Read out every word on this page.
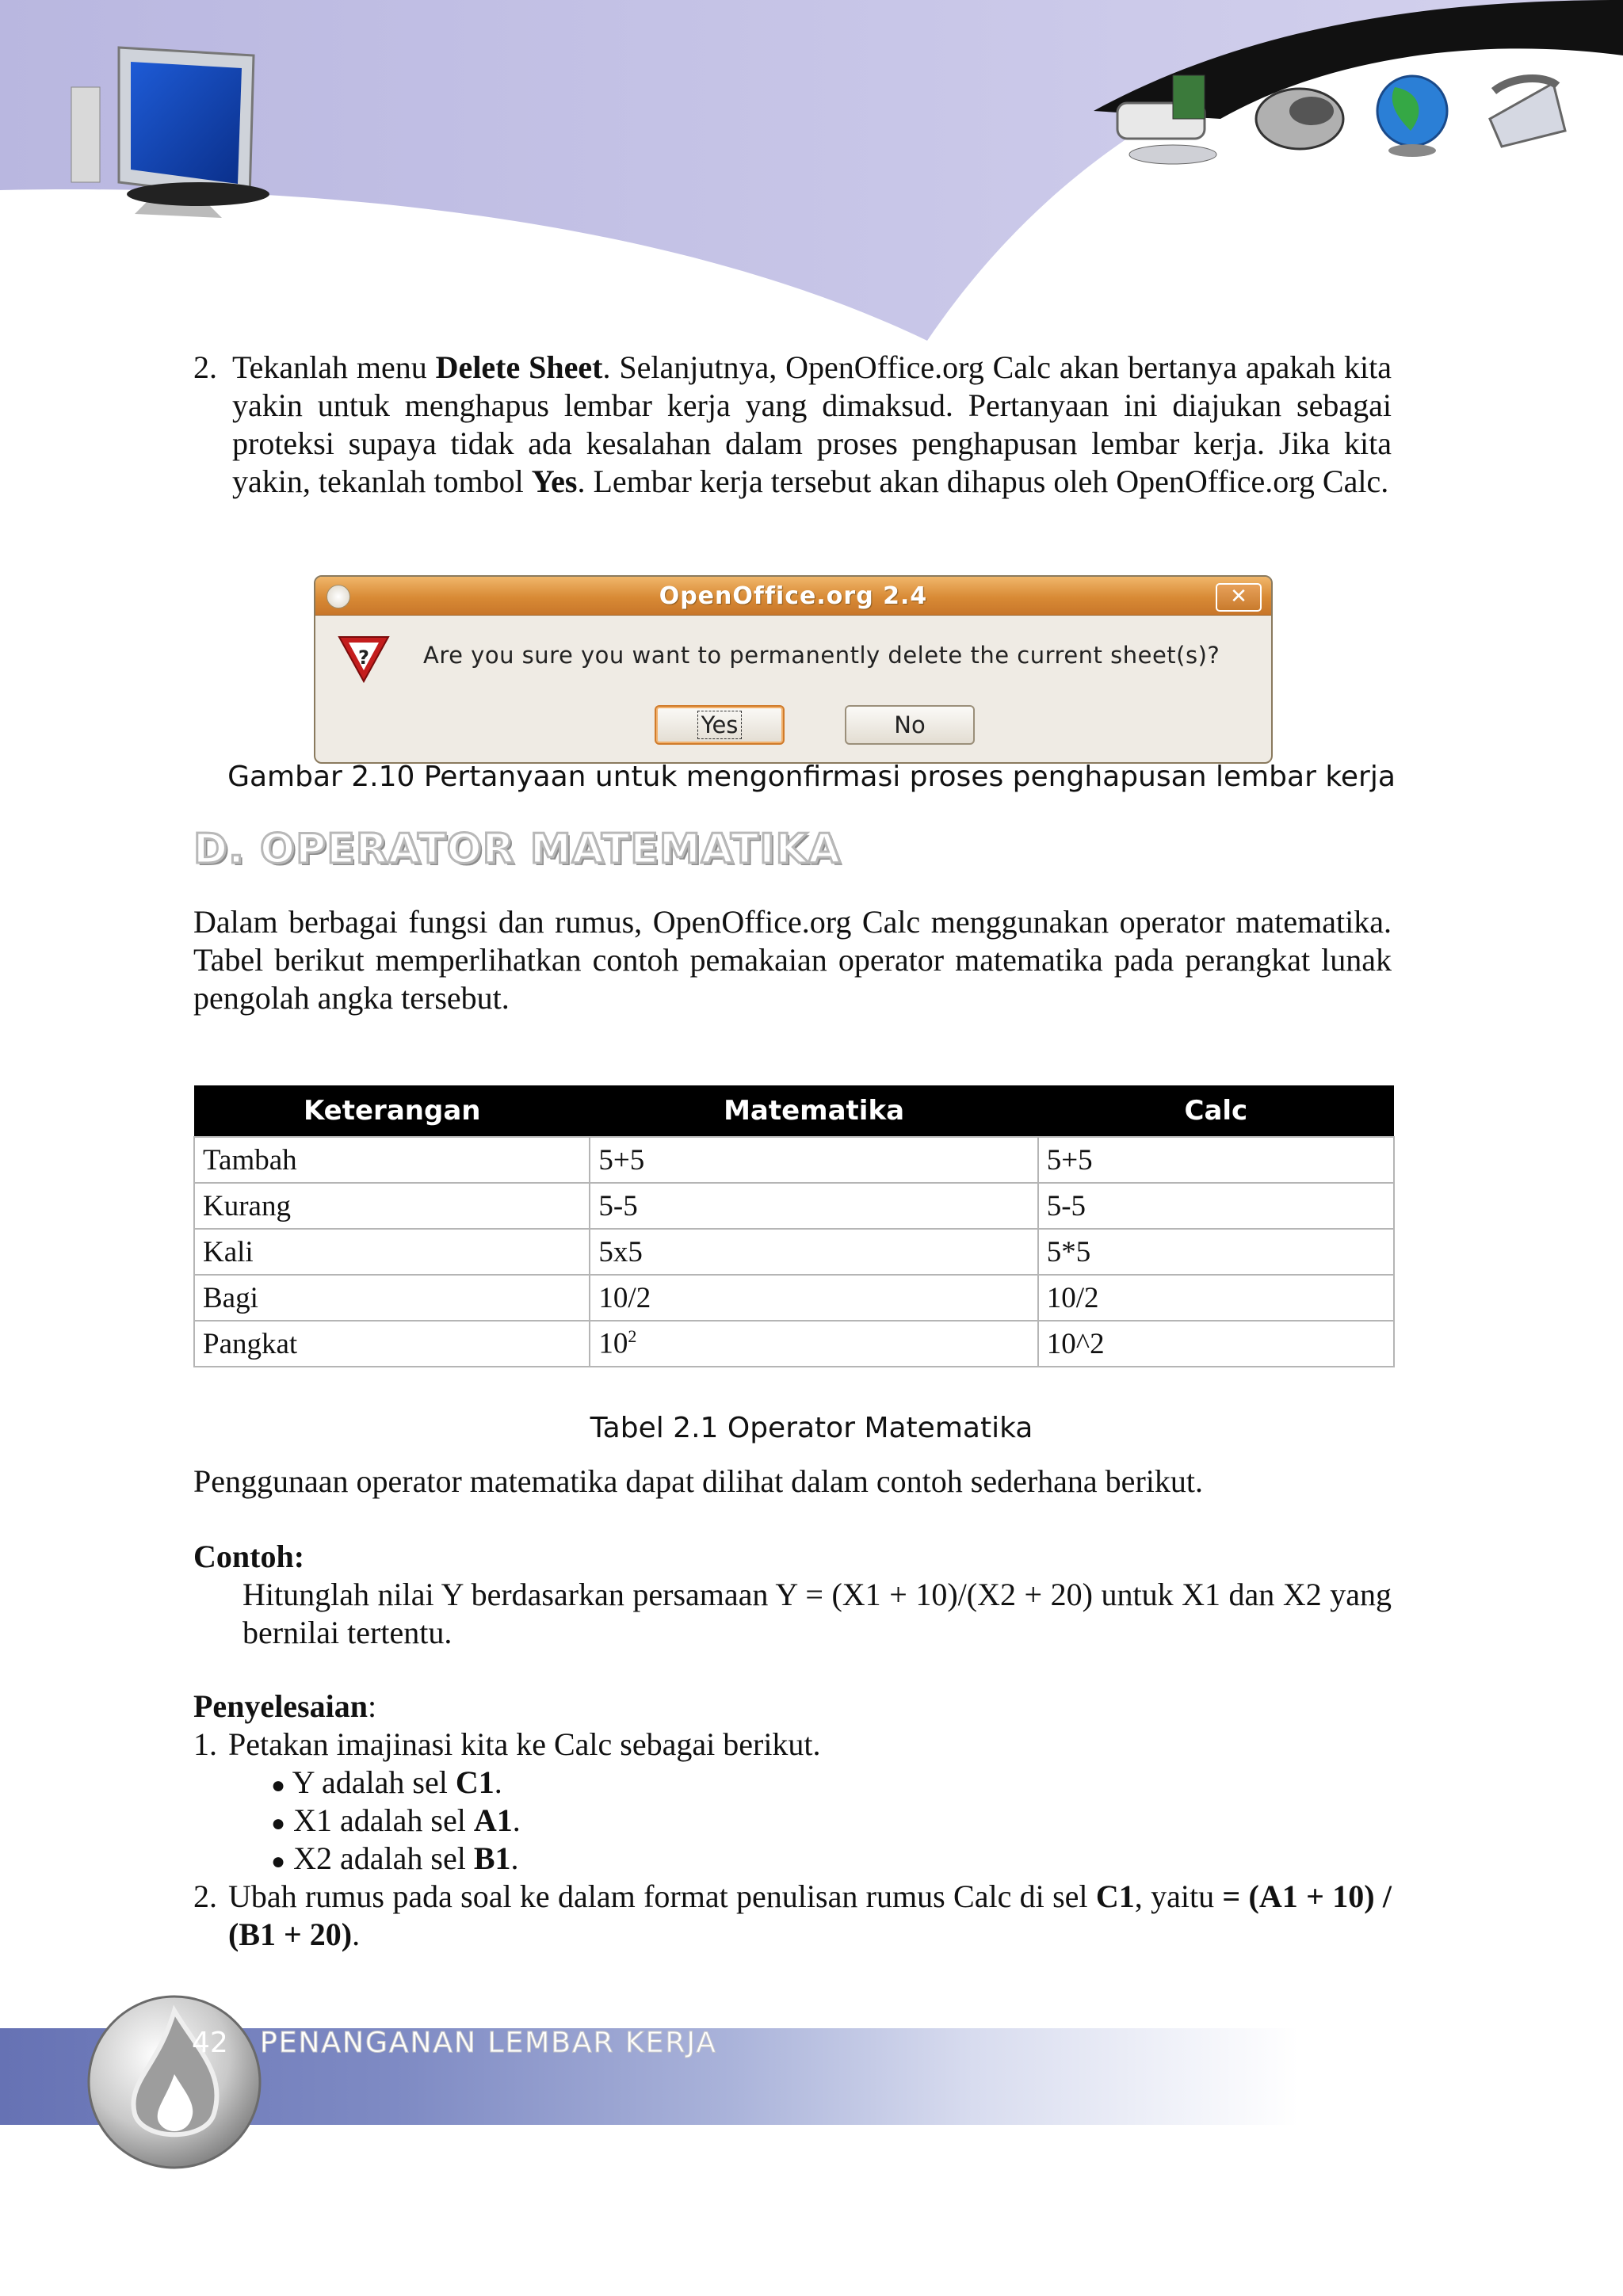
2. Tekanlah menu Delete Sheet. Selanjutnya, OpenOffice.org Calc akan bertanya apakah kita yakin untuk menghapus lembar kerja yang dimaksud. Pertanyaan ini diajukan sebagai proteksi supaya tidak ada kesalahan dalam proses penghapusan lembar kerja. Jika kita yakin, tekanlah tombol Yes. Lembar kerja tersebut akan dihapus oleh OpenOffice.org Calc.
OpenOffice.org 2.4	✕
? Are you sure you want to permanently delete the current sheet(s)?
Yes	No
Gambar 2.10 Pertanyaan untuk mengonfirmasi proses penghapusan lembar kerja
D. OPERATOR MATEMATIKA
Dalam berbagai fungsi dan rumus, OpenOffice.org Calc menggunakan operator matematika. Tabel berikut memperlihatkan contoh pemakaian operator matematika pada perangkat lunak pengolah angka tersebut.
Keterangan	Matematika	Calc
Tambah	5+5	5+5
Kurang	5-5	5-5
Kali	5x5	5*5
Bagi	10/2	10/2
Pangkat	$10^2$	10^2
Tabel 2.1 Operator Matematika
Penggunaan operator matematika dapat dilihat dalam contoh sederhana berikut.
Contoh:
Hitunglah nilai Y berdasarkan persamaan Y = (X1 + 10)/(X2 + 20) untuk X1 dan X2 yang bernilai tertentu.
Penyelesaian:
1. Petakan imajinasi kita ke Calc sebagai berikut.
● Y adalah sel C1.
● X1 adalah sel A1.
● X2 adalah sel B1.
2. Ubah rumus pada soal ke dalam format penulisan rumus Calc di sel C1, yaitu = (A1 + 10) / (B1 + 20).
42 PENANGANAN LEMBAR KERJA
